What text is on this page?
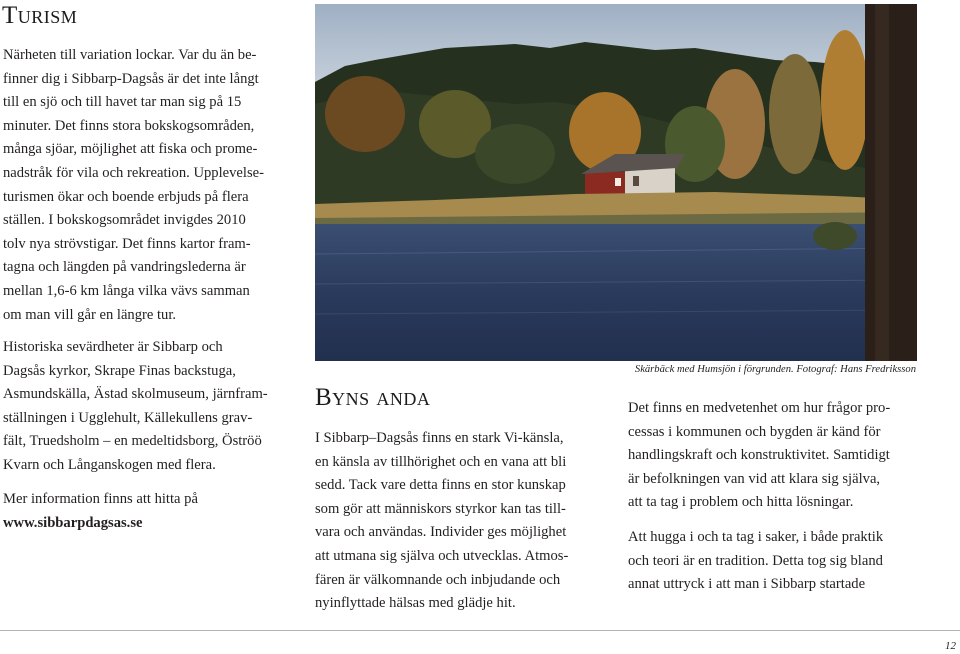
Turism
Närheten till variation lockar. Var du än be-
finner dig i Sibbarp-Dagsås är det inte långt
till en sjö och till havet tar man sig på 15
minuter. Det finns stora bokskogsområden,
många sjöar, möjlighet att fiska och prome-
nadstråk för vila och rekreation. Upplevelse-
turismen ökar och boende erbjuds på flera
ställen. I bokskogsområdet invigdes 2010
tolv nya strövstigar. Det finns kartor fram-
tagna och längden på vandringslederna är
mellan 1,6-6 km långa vilka vävs samman
om man vill går en längre tur.
Historiska sevärdheter är Sibbarp och
Dagsås kyrkor, Skrape Finas backstuga,
Asmundskälla, Ästad skolmuseum, järnfram-
ställningen i Ugglehult, Källekullens grav-
fält, Truedsholm – en medeltidsborg, Öströö
Kvarn och Långanskogen med flera.
Mer information finns att hitta på
www.sibbarpdagsas.se
Skärbäck med Humsjön i förgrunden. Fotograf: Hans Fredriksson
Byns anda
I Sibbarp–Dagsås finns en stark Vi-känsla,
en känsla av tillhörighet och en vana att bli
sedd. Tack vare detta finns en stor kunskap
som gör att människors styrkor kan tas till-
vara och användas. Individer ges möjlighet
att utmana sig själva och utvecklas. Atmos-
fären är välkomnande och inbjudande och
nyinflyttade hälsas med glädje hit.
Det finns en medvetenhet om hur frågor pro-
cessas i kommunen och bygden är känd för
handlingskraft och konstruktivitet. Samtidigt
är befolkningen van vid att klara sig själva,
att ta tag i problem och hitta lösningar.
Att hugga i och ta tag i saker, i både praktik
och teori är en tradition. Detta tog sig bland
annat uttryck i att man i Sibbarp startade
12
